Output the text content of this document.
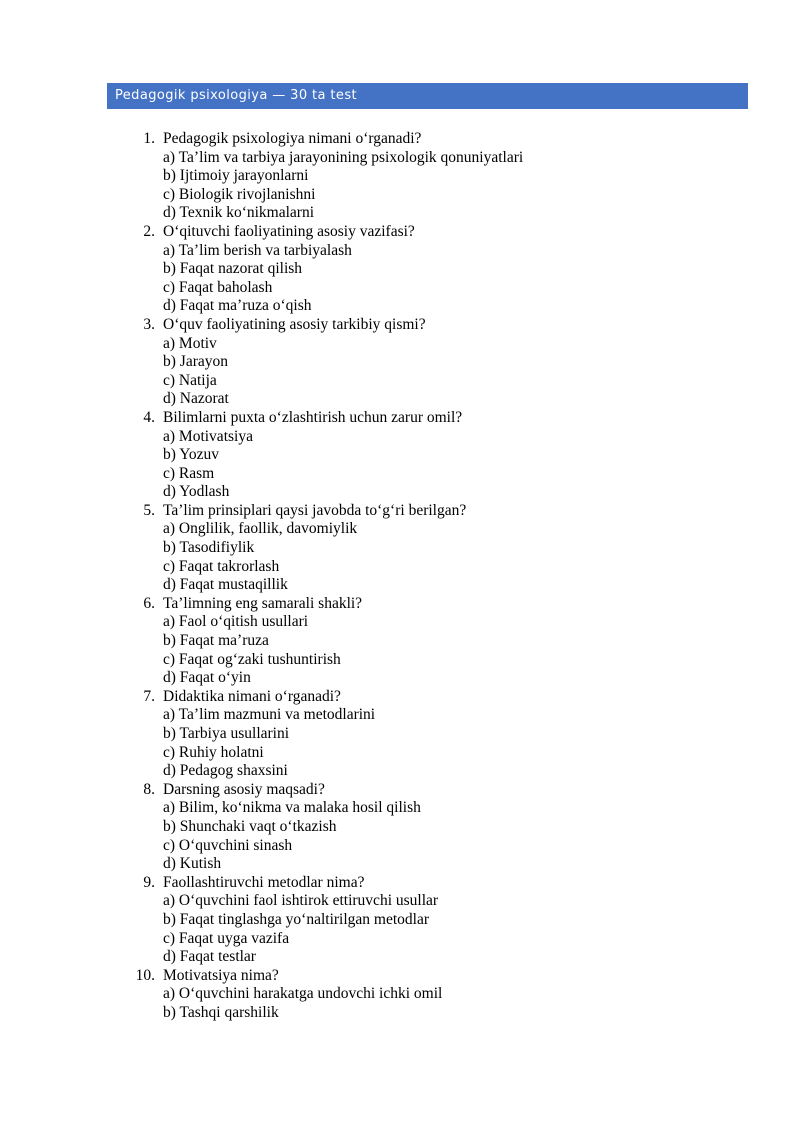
Pedagogik psixologiya — 30 ta test
1. Pedagogik psixologiya nimani o‘rganadi?
a) Ta’lim va tarbiya jarayonining psixologik qonuniyatlari
b) Ijtimoiy jarayonlarni
c) Biologik rivojlanishni
d) Texnik ko‘nikmalarni
2. O‘qituvchi faoliyatining asosiy vazifasi?
a) Ta’lim berish va tarbiyalash
b) Faqat nazorat qilish
c) Faqat baholash
d) Faqat ma’ruza o‘qish
3. O‘quv faoliyatining asosiy tarkibiy qismi?
a) Motiv
b) Jarayon
c) Natija
d) Nazorat
4. Bilimlarni puxta o‘zlashtirish uchun zarur omil?
a) Motivatsiya
b) Yozuv
c) Rasm
d) Yodlash
5. Ta’lim prinsiplari qaysi javobda to‘g‘ri berilgan?
a) Onglilik, faollik, davomiylik
b) Tasodifiylik
c) Faqat takrorlash
d) Faqat mustaqillik
6. Ta’limning eng samarali shakli?
a) Faol o‘qitish usullari
b) Faqat ma’ruza
c) Faqat og‘zaki tushuntirish
d) Faqat o‘yin
7. Didaktika nimani o‘rganadi?
a) Ta’lim mazmuni va metodlarini
b) Tarbiya usullarini
c) Ruhiy holatni
d) Pedagog shaxsini
8. Darsning asosiy maqsadi?
a) Bilim, ko‘nikma va malaka hosil qilish
b) Shunchaki vaqt o‘tkazish
c) O‘quvchini sinash
d) Kutish
9. Faollashtiruvchi metodlar nima?
a) O‘quvchini faol ishtirok ettiruvchi usullar
b) Faqat tinglashga yo‘naltirilgan metodlar
c) Faqat uyga vazifa
d) Faqat testlar
10. Motivatsiya nima?
a) O‘quvchini harakatga undovchi ichki omil
b) Tashqi qarshilik
